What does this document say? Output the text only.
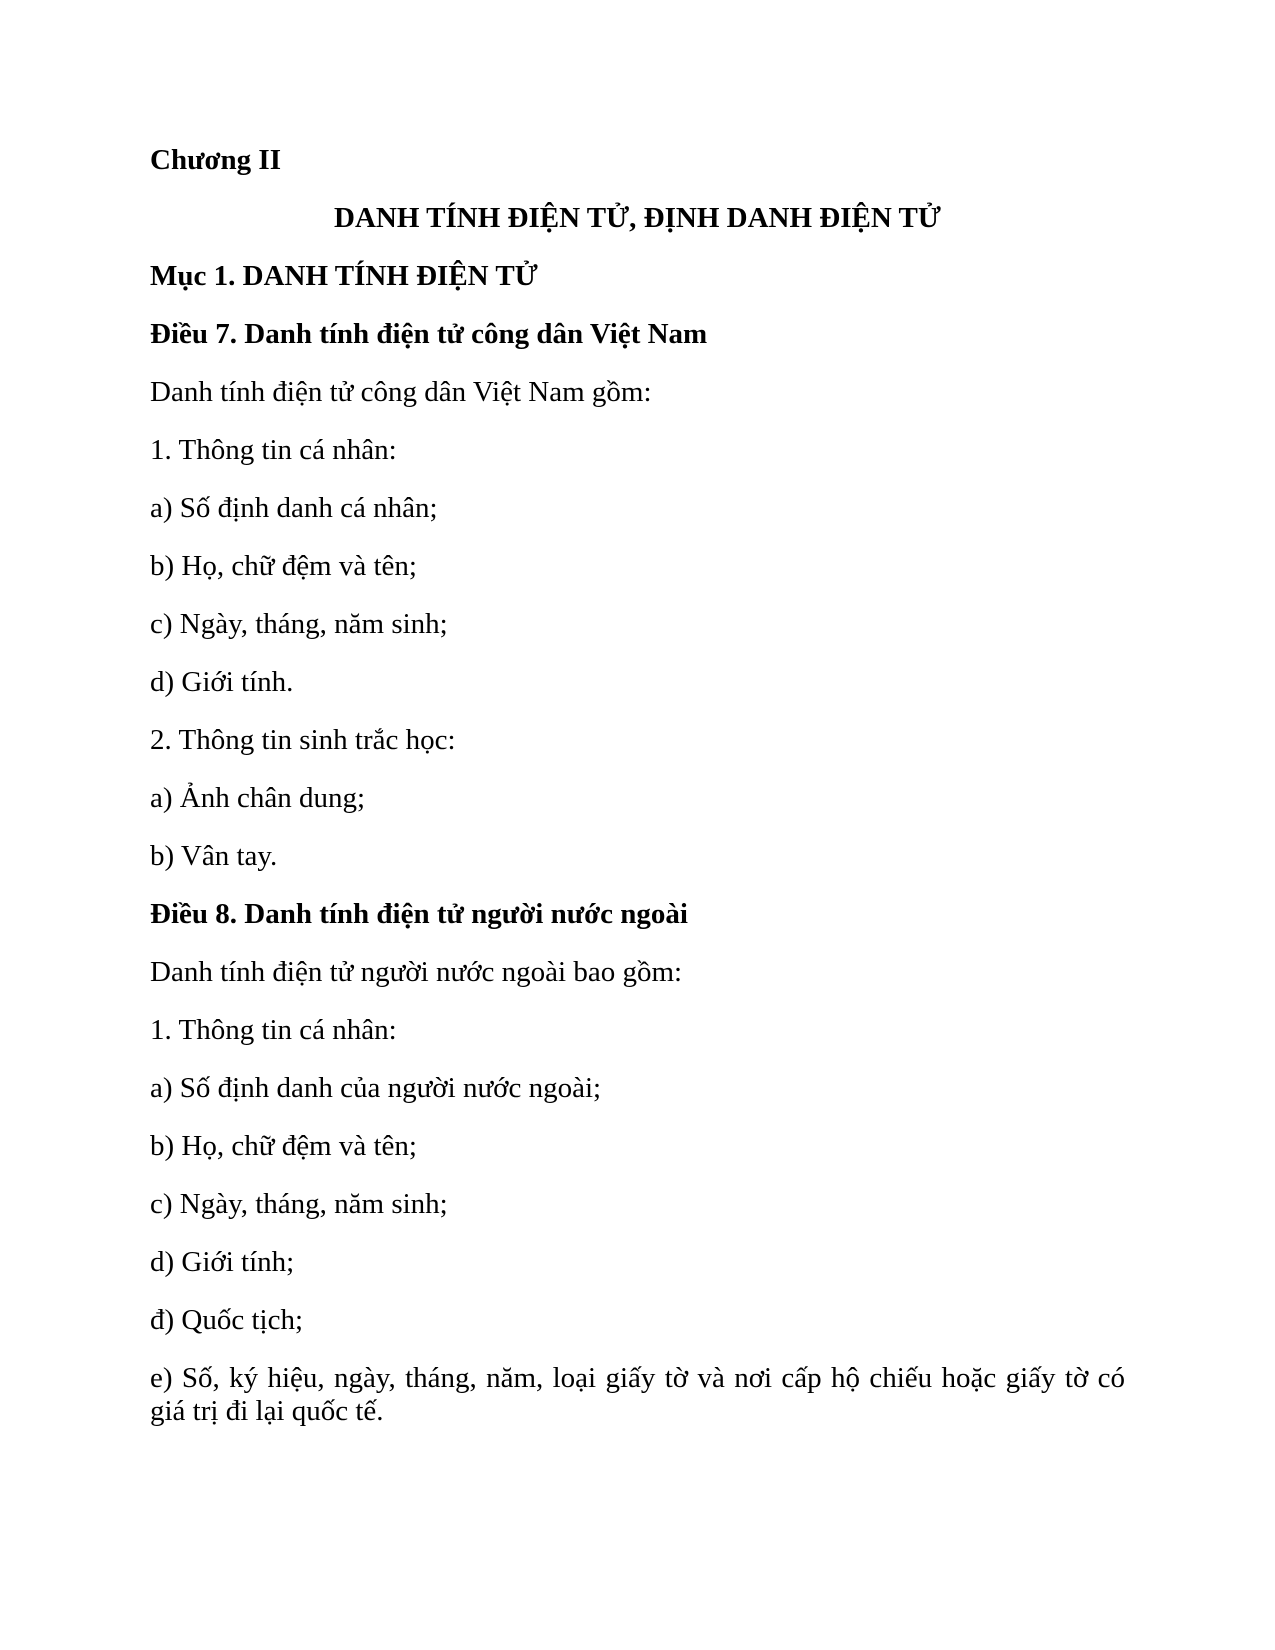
Chương II

DANH TÍNH ĐIỆN TỬ, ĐỊNH DANH ĐIỆN TỬ

Mục 1. DANH TÍNH ĐIỆN TỬ

Điều 7. Danh tính điện tử công dân Việt Nam

Danh tính điện tử công dân Việt Nam gồm:

1. Thông tin cá nhân:

a) Số định danh cá nhân;

b) Họ, chữ đệm và tên;

c) Ngày, tháng, năm sinh;

d) Giới tính.

2. Thông tin sinh trắc học:

a) Ảnh chân dung;

b) Vân tay.

Điều 8. Danh tính điện tử người nước ngoài

Danh tính điện tử người nước ngoài bao gồm:

1. Thông tin cá nhân:

a) Số định danh của người nước ngoài;

b) Họ, chữ đệm và tên;

c) Ngày, tháng, năm sinh;

d) Giới tính;

đ) Quốc tịch;

e) Số, ký hiệu, ngày, tháng, năm, loại giấy tờ và nơi cấp hộ chiếu hoặc giấy tờ có giá trị đi lại quốc tế.
